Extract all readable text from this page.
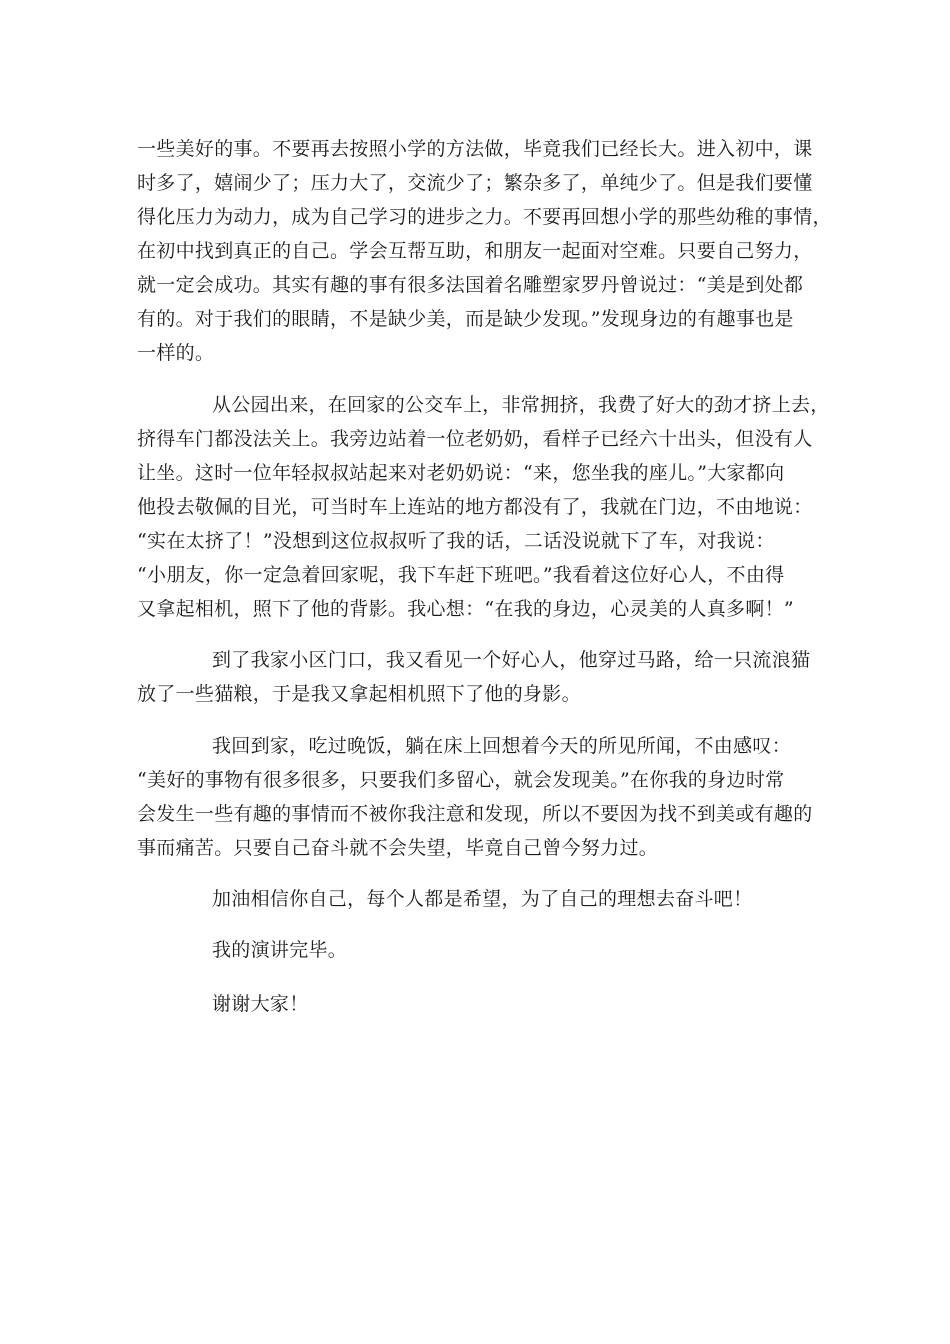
一些美好的事。不要再去按照小学的方法做，毕竟我们已经长大。进入初中，课
时多了，嬉闹少了；压力大了，交流少了；繁杂多了，单纯少了。但是我们要懂
得化压力为动力，成为自己学习的进步之力。不要再回想小学的那些幼稚的事情，
在初中找到真正的自己。学会互帮互助，和朋友一起面对空难。只要自己努力，
就一定会成功。其实有趣的事有很多法国着名雕塑家罗丹曾说过：“美是到处都
有的。对于我们的眼睛，不是缺少美，而是缺少发现。”发现身边的有趣事也是
一样的。
从公园出来，在回家的公交车上，非常拥挤，我费了好大的劲才挤上去，
挤得车门都没法关上。我旁边站着一位老奶奶，看样子已经六十出头，但没有人
让坐。这时一位年轻叔叔站起来对老奶奶说：“来，您坐我的座儿。”大家都向
他投去敬佩的目光，可当时车上连站的地方都没有了，我就在门边，不由地说：
“实在太挤了！”没想到这位叔叔听了我的话，二话没说就下了车，对我说：
“小朋友，你一定急着回家呢，我下车赶下班吧。”我看着这位好心人，不由得
又拿起相机，照下了他的背影。我心想：“在我的身边，心灵美的人真多啊！”
到了我家小区门口，我又看见一个好心人，他穿过马路，给一只流浪猫
放了一些猫粮，于是我又拿起相机照下了他的身影。
我回到家，吃过晚饭，躺在床上回想着今天的所见所闻，不由感叹：
“美好的事物有很多很多，只要我们多留心，就会发现美。”在你我的身边时常
会发生一些有趣的事情而不被你我注意和发现，所以不要因为找不到美或有趣的
事而痛苦。只要自己奋斗就不会失望，毕竟自己曾今努力过。
加油相信你自己，每个人都是希望，为了自己的理想去奋斗吧！
我的演讲完毕。
谢谢大家！
